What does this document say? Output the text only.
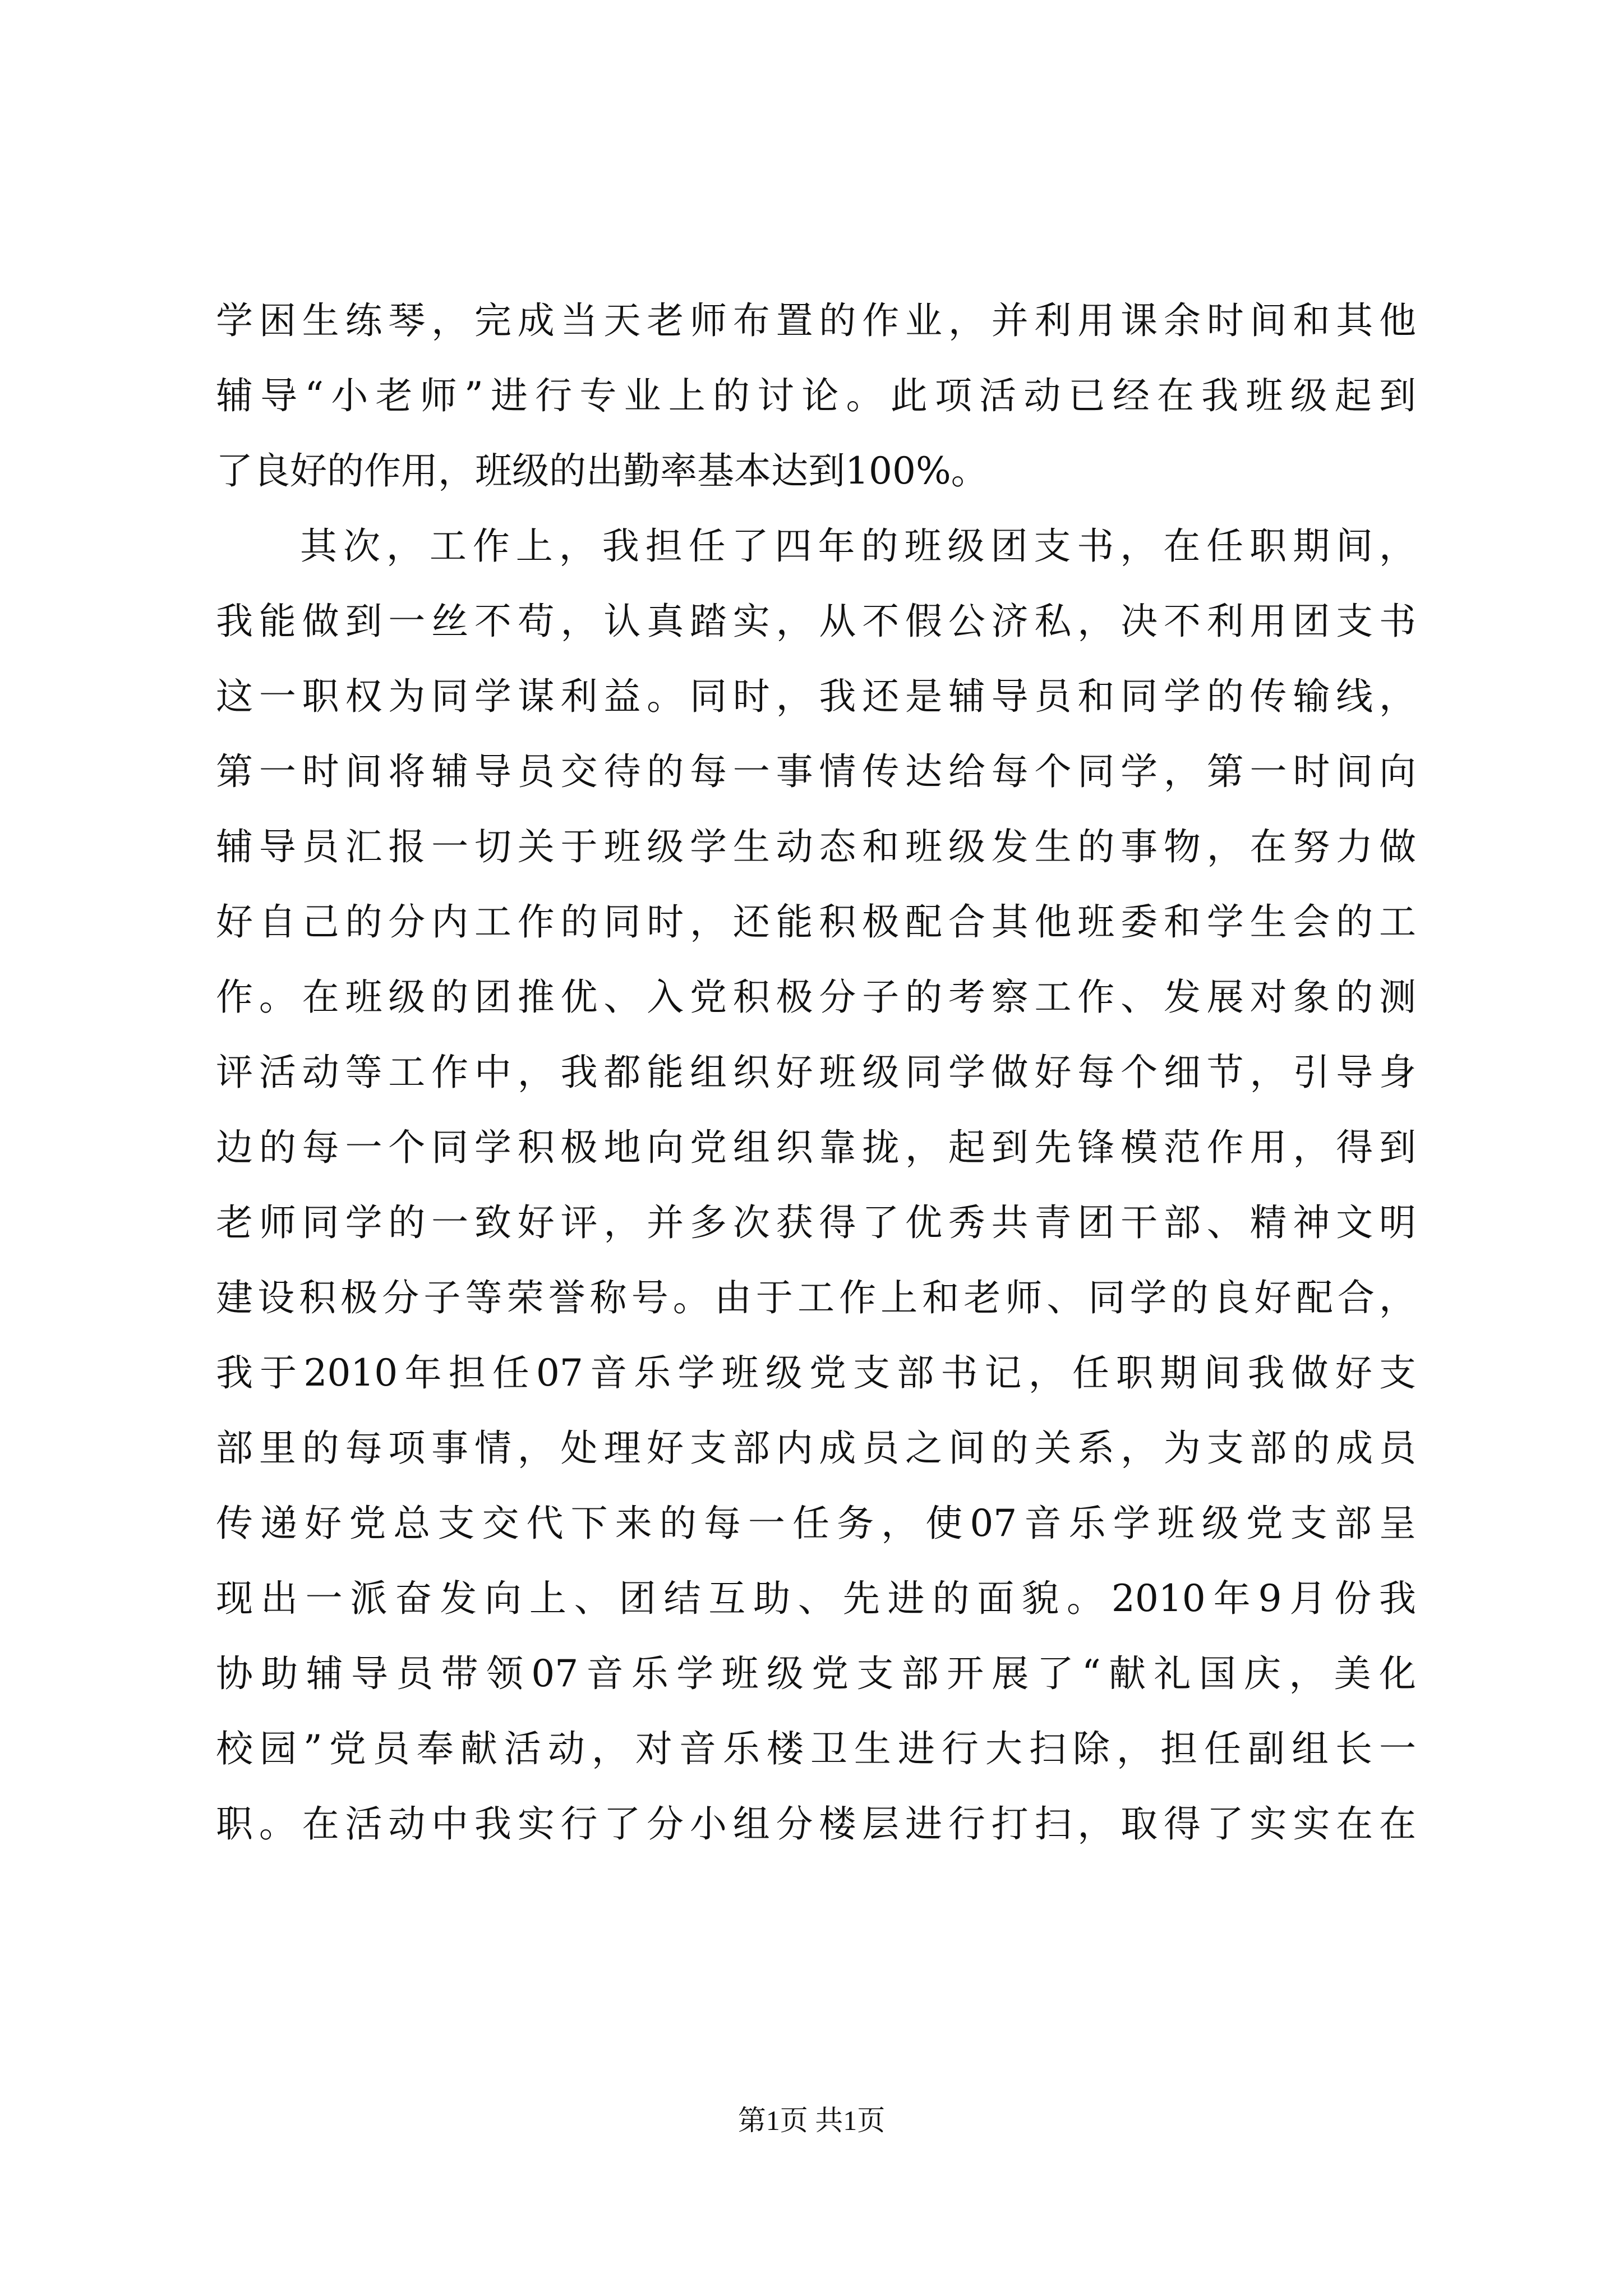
学困生练琴，完成当天老师布置的作业，并利用课余时间和其他
辅导“小老师”进行专业上的讨论。此项活动已经在我班级起到
了良好的作用，班级的出勤率基本达到100%。
其次，工作上，我担任了四年的班级团支书，在任职期间，
我能做到一丝不苟，认真踏实，从不假公济私，决不利用团支书
这一职权为同学谋利益。同时，我还是辅导员和同学的传输线，
第一时间将辅导员交待的每一事情传达给每个同学，第一时间向
辅导员汇报一切关于班级学生动态和班级发生的事物，在努力做
好自己的分内工作的同时，还能积极配合其他班委和学生会的工
作。在班级的团推优、入党积极分子的考察工作、发展对象的测
评活动等工作中，我都能组织好班级同学做好每个细节，引导身
边的每一个同学积极地向党组织靠拢，起到先锋模范作用，得到
老师同学的一致好评，并多次获得了优秀共青团干部、精神文明
建设积极分子等荣誉称号。由于工作上和老师、同学的良好配合，
我于2010年担任07音乐学班级党支部书记，任职期间我做好支
部里的每项事情，处理好支部内成员之间的关系，为支部的成员
传递好党总支交代下来的每一任务，使07音乐学班级党支部呈
现出一派奋发向上、团结互助、先进的面貌。2010年9月份我
协助辅导员带领07音乐学班级党支部开展了“献礼国庆，美化
校园”党员奉献活动，对音乐楼卫生进行大扫除，担任副组长一
职。在活动中我实行了分小组分楼层进行打扫，取得了实实在在
第1页 共1页
